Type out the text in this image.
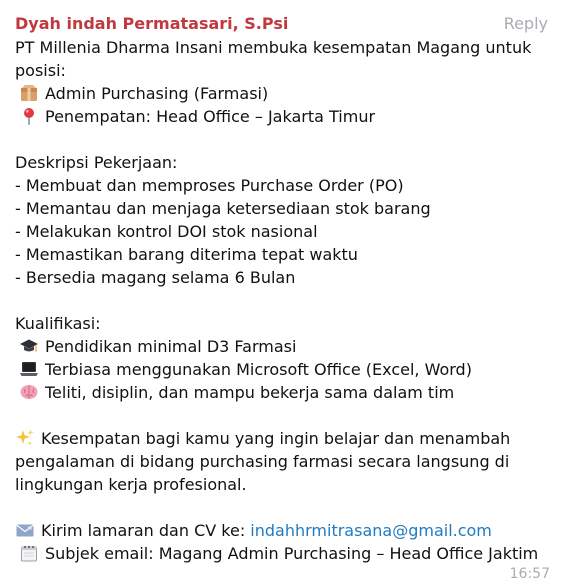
Dyah indah Permatasari, S.Psi	Reply
PT Millenia Dharma Insani membuka kesempatan Magang untuk
posisi:
Admin Purchasing (Farmasi)
Penempatan: Head Office – Jakarta Timur
Deskripsi Pekerjaan:
- Membuat dan memproses Purchase Order (PO)
- Memantau dan menjaga ketersediaan stok barang
- Melakukan kontrol DOI stok nasional
- Memastikan barang diterima tepat waktu
- Bersedia magang selama 6 Bulan
Kualifikasi:
Pendidikan minimal D3 Farmasi
Terbiasa menggunakan Microsoft Office (Excel, Word)
Teliti, disiplin, dan mampu bekerja sama dalam tim
Kesempatan bagi kamu yang ingin belajar dan menambah
pengalaman di bidang purchasing farmasi secara langsung di
lingkungan kerja profesional.
Kirim lamaran dan CV ke: indahhrmitrasana@gmail.com
Subjek email: Magang Admin Purchasing – Head Office Jaktim
16:57
